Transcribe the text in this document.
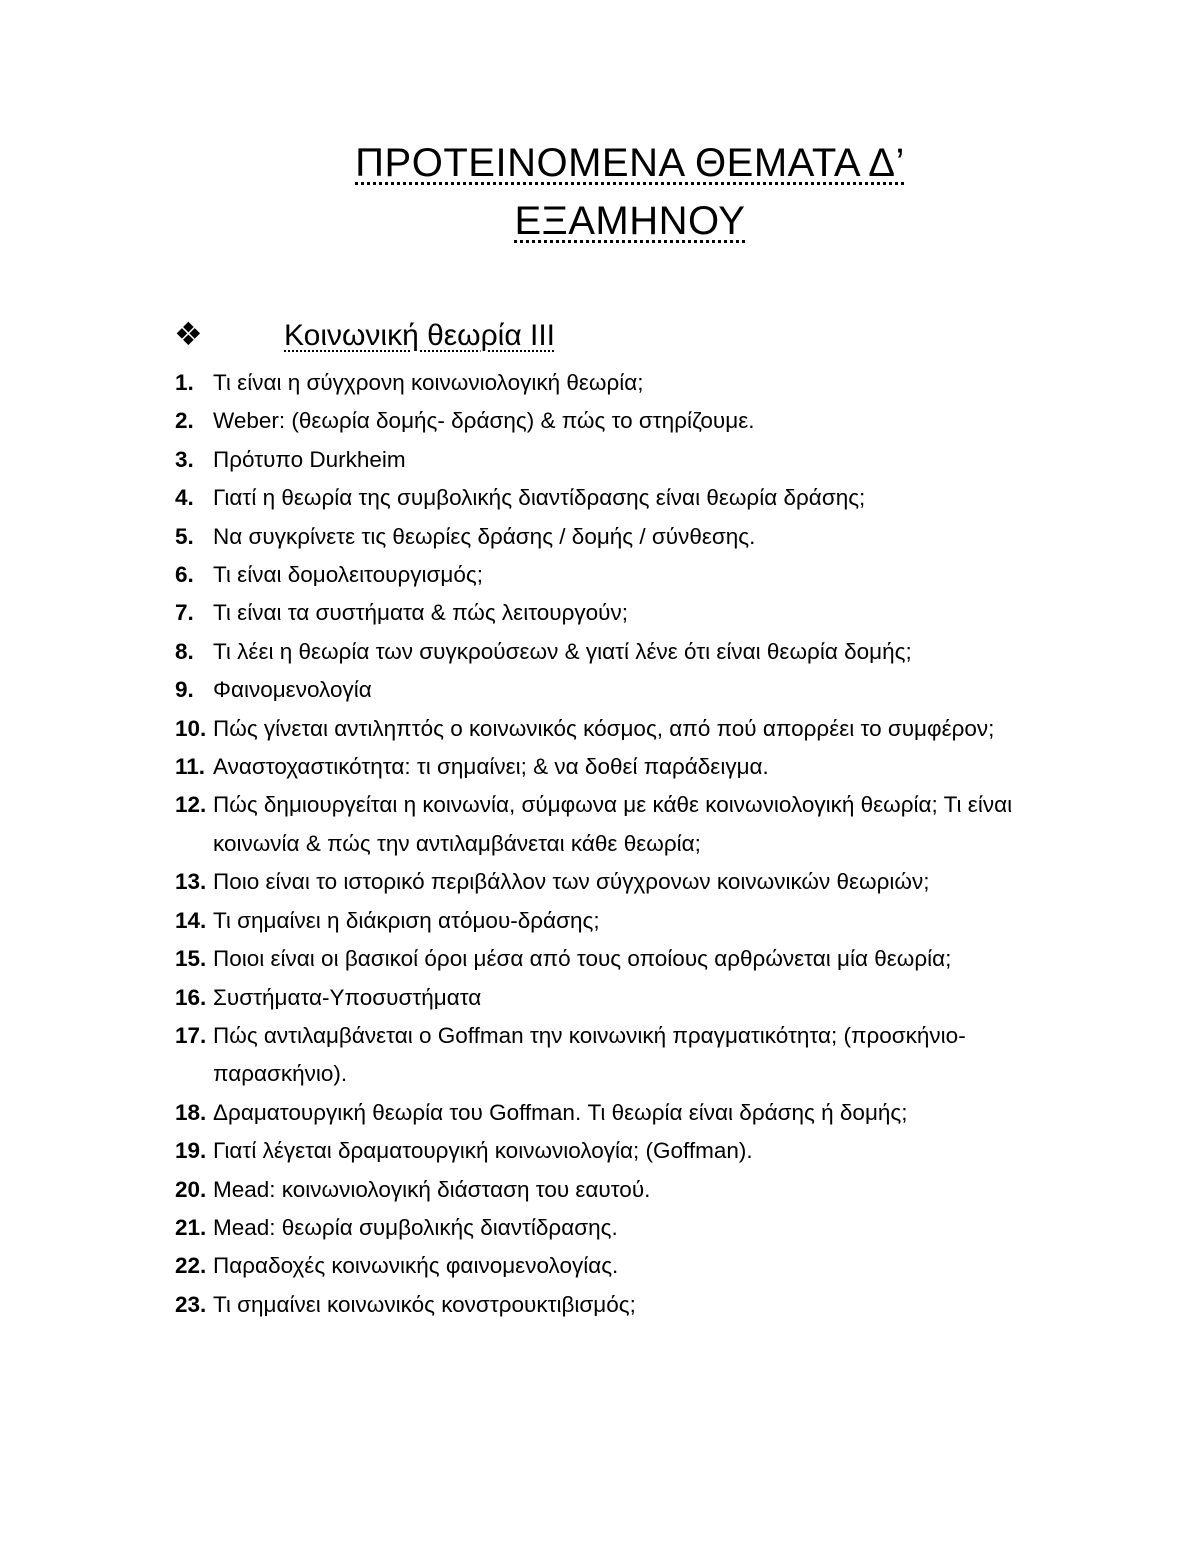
ΠΡΟΤΕΙΝΟΜΕΝΑ ΘΕΜΑΤΑ Δ’
ΕΞΑΜΗΝΟΥ
❖	Κοινωνική θεωρία ΙΙΙ
1. Τι είναι η σύγχρονη κοινωνιολογική θεωρία;
2. Weber: (θεωρία δομής- δράσης) & πώς το στηρίζουμε.
3. Πρότυπο Durkheim
4. Γιατί η θεωρία της συμβολικής διαντίδρασης είναι θεωρία δράσης;
5. Να συγκρίνετε τις θεωρίες δράσης / δομής / σύνθεσης.
6. Τι είναι δομολειτουργισμός;
7. Τι είναι τα συστήματα & πώς λειτουργούν;
8. Τι λέει η θεωρία των συγκρούσεων & γιατί λένε ότι είναι θεωρία δομής;
9. Φαινομενολογία
10. Πώς γίνεται αντιληπτός ο κοινωνικός κόσμος, από πού απορρέει το συμφέρον;
11. Αναστοχαστικότητα: τι σημαίνει; & να δοθεί παράδειγμα.
12. Πώς δημιουργείται η κοινωνία, σύμφωνα με κάθε κοινωνιολογική θεωρία; Τι είναι κοινωνία & πώς την αντιλαμβάνεται κάθε θεωρία;
13. Ποιο είναι το ιστορικό περιβάλλον των σύγχρονων κοινωνικών θεωριών;
14. Τι σημαίνει η διάκριση ατόμου-δράσης;
15. Ποιοι είναι οι βασικοί όροι μέσα από τους οποίους αρθρώνεται μία θεωρία;
16. Συστήματα-Υποσυστήματα
17. Πώς αντιλαμβάνεται ο Goffman την κοινωνική πραγματικότητα; (προσκήνιο-παρασκήνιο).
18. Δραματουργική θεωρία του Goffman. Τι θεωρία είναι δράσης ή δομής;
19. Γιατί λέγεται δραματουργική κοινωνιολογία; (Goffman).
20. Mead: κοινωνιολογική διάσταση του εαυτού.
21. Mead: θεωρία συμβολικής διαντίδρασης.
22. Παραδοχές κοινωνικής φαινομενολογίας.
23. Τι σημαίνει κοινωνικός κονστρουκτιβισμός;
